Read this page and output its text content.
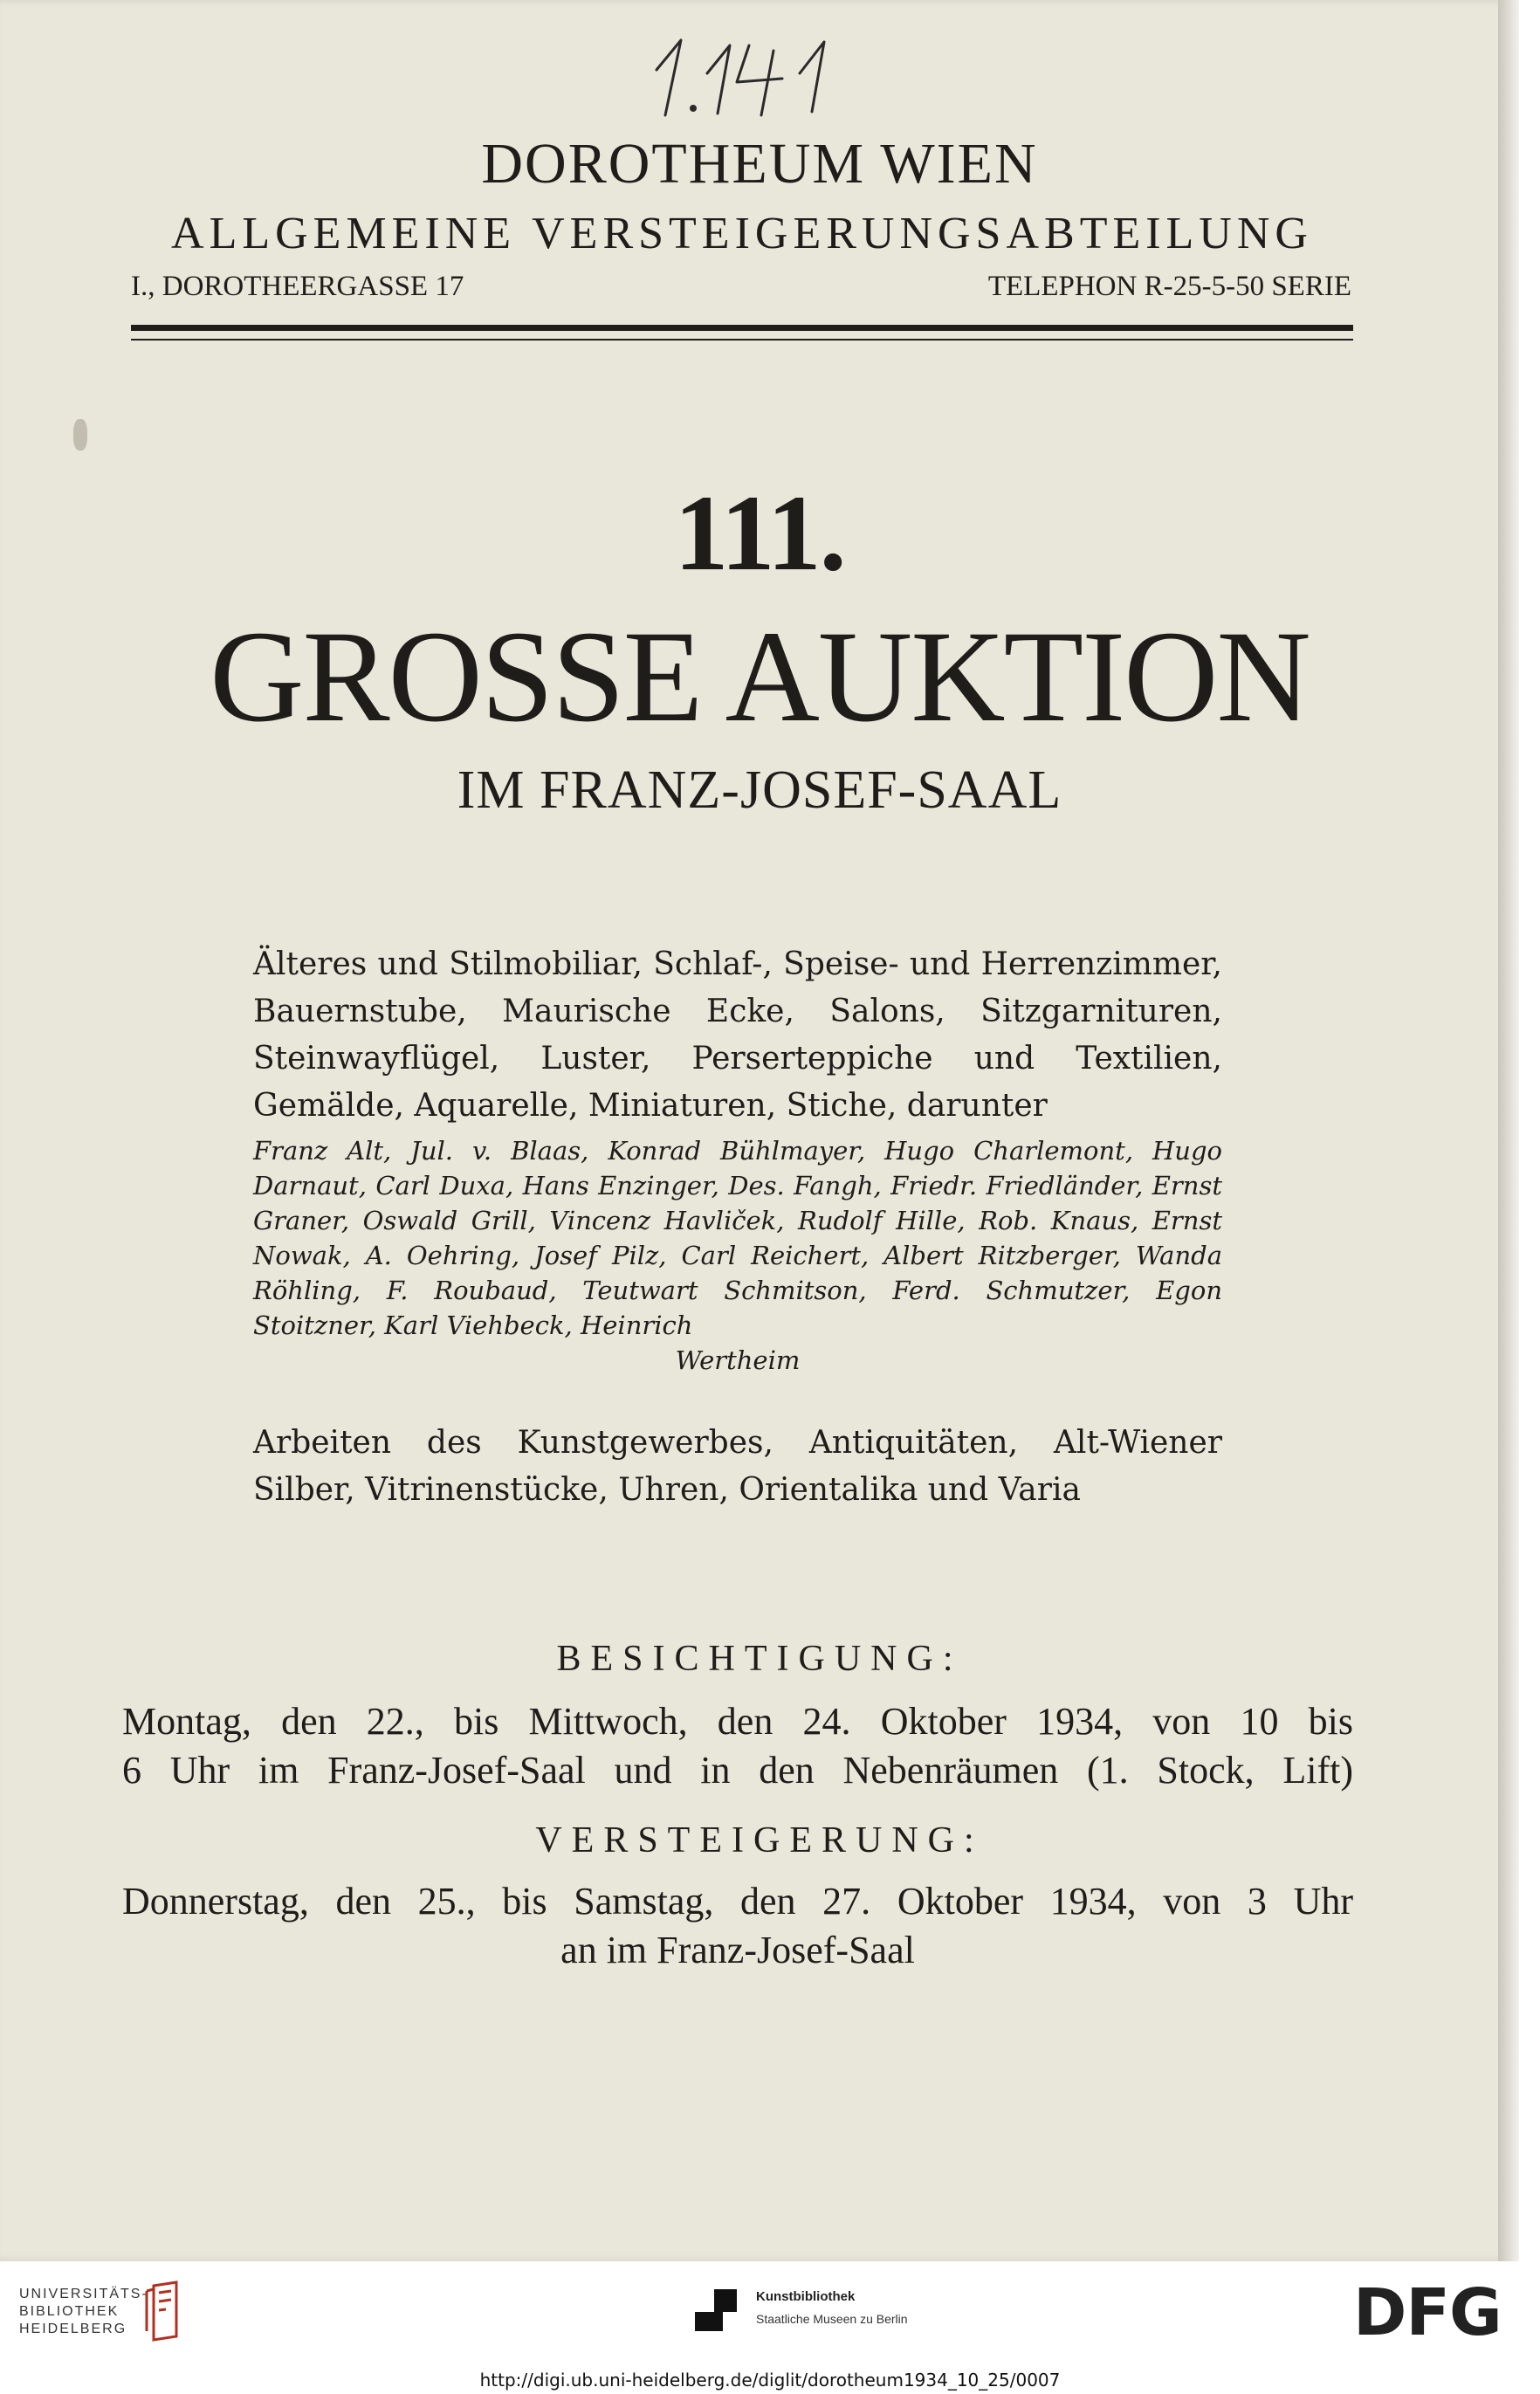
1.141
DOROTHEUM WIEN
ALLGEMEINE VERSTEIGERUNGSABTEILUNG
I., DOROTHEERGASSE 17	TELEPHON R-25-5-50 SERIE
111.
GROSSE AUKTION
IM FRANZ-JOSEF-SAAL
Älteres und Stilmobiliar, Schlaf-, Speise- und Herrenzimmer, Bauernstube, Maurische Ecke, Salons, Sitzgarnituren, Steinwayflügel, Luster, Perserteppiche und Textilien, Gemälde, Aquarelle, Miniaturen, Stiche, darunter
Franz Alt, Jul. v. Blaas, Konrad Bühlmayer, Hugo Charlemont, Hugo Darnaut, Carl Duxa, Hans Enzinger, Des. Fangh, Friedr. Friedländer, Ernst Graner, Oswald Grill, Vincenz Havliček, Rudolf Hille, Rob. Knaus, Ernst Nowak, A. Oehring, Josef Pilz, Carl Reichert, Albert Ritzberger, Wanda Röhling, F. Roubaud, Teutwart Schmitson, Ferd. Schmutzer, Egon Stoitzner, Karl Viehbeck, Heinrich
Wertheim
Arbeiten des Kunstgewerbes, Antiquitäten, Alt-Wiener Silber, Vitrinenstücke, Uhren, Orientalika und Varia
BESICHTIGUNG:
Montag, den 22., bis Mittwoch, den 24. Oktober 1934, von 10 bis
6 Uhr im Franz-Josef-Saal und in den Nebenräumen (1. Stock, Lift)
VERSTEIGERUNG:
Donnerstag, den 25., bis Samstag, den 27. Oktober 1934, von 3 Uhr
an im Franz-Josef-Saal
UNIVERSITÄTS-
BIBLIOTHEK
HEIDELBERG
Kunstbibliothek
Staatliche Museen zu Berlin	DFG
http://digi.ub.uni-heidelberg.de/diglit/dorotheum1934_10_25/0007
